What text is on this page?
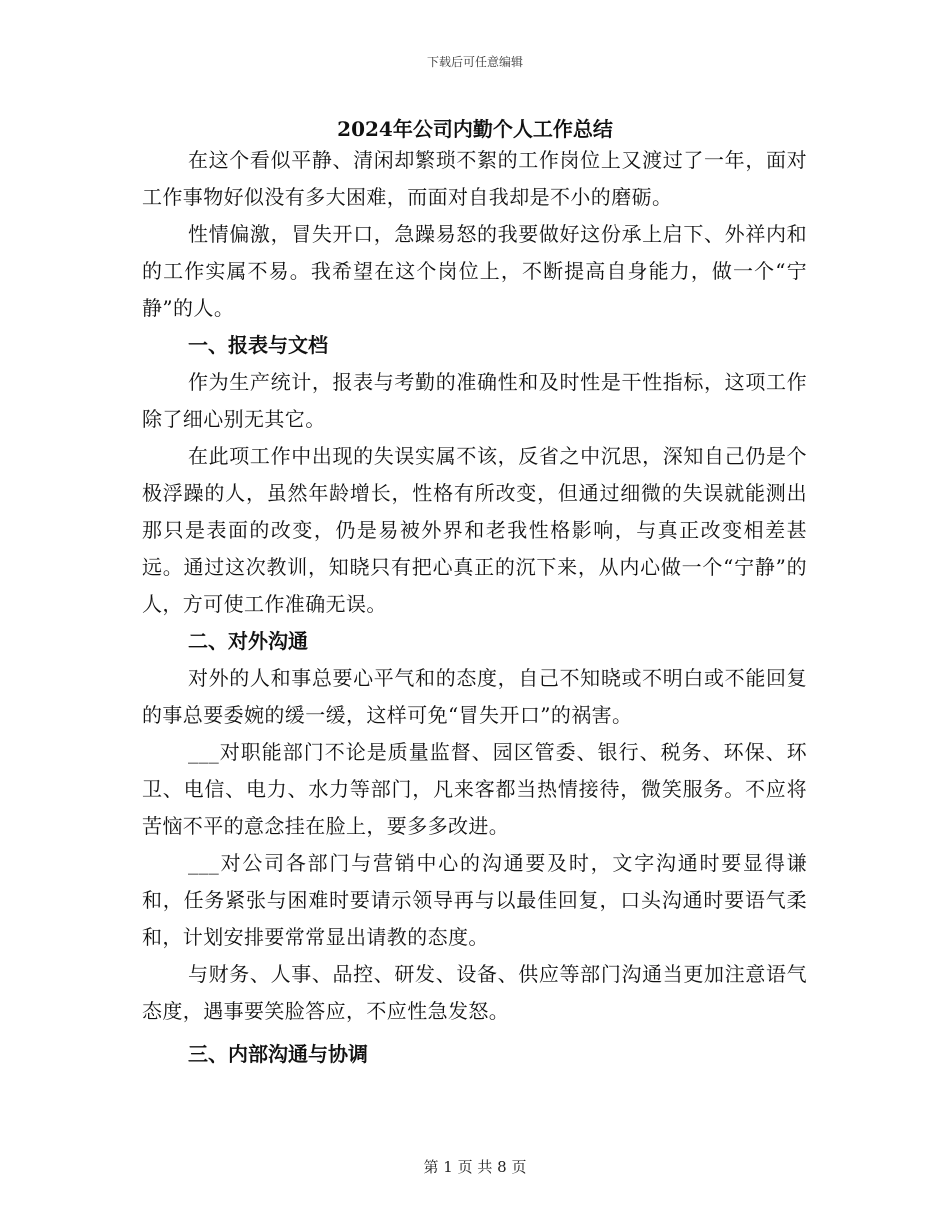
下载后可任意编辑
2024年公司内勤个人工作总结

在这个看似平静、清闲却繁琐不絮的工作岗位上又渡过了一年，面对工作事物好似没有多大困难，而面对自我却是不小的磨砺。

性情偏激，冒失开口，急躁易怒的我要做好这份承上启下、外祥内和的工作实属不易。我希望在这个岗位上，不断提高自身能力，做一个“宁静”的人。

一、报表与文档

作为生产统计，报表与考勤的准确性和及时性是干性指标，这项工作除了细心别无其它。

在此项工作中出现的失误实属不该，反省之中沉思，深知自己仍是个极浮躁的人，虽然年龄增长，性格有所改变，但通过细微的失误就能测出那只是表面的改变，仍是易被外界和老我性格影响，与真正改变相差甚远。通过这次教训，知晓只有把心真正的沉下来，从内心做一个“宁静”的人，方可使工作准确无误。

二、对外沟通

对外的人和事总要心平气和的态度，自己不知晓或不明白或不能回复的事总要委婉的缓一缓，这样可免“冒失开口”的祸害。

___对职能部门不论是质量监督、园区管委、银行、税务、环保、环卫、电信、电力、水力等部门，凡来客都当热情接待，微笑服务。不应将苦恼不平的意念挂在脸上，要多多改进。

___对公司各部门与营销中心的沟通要及时，文字沟通时要显得谦和，任务紧张与困难时要请示领导再与以最佳回复，口头沟通时要语气柔和，计划安排要常常显出请教的态度。

与财务、人事、品控、研发、设备、供应等部门沟通当更加注意语气态度，遇事要笑脸答应，不应性急发怒。

三、内部沟通与协调

第 1 页 共 8 页
